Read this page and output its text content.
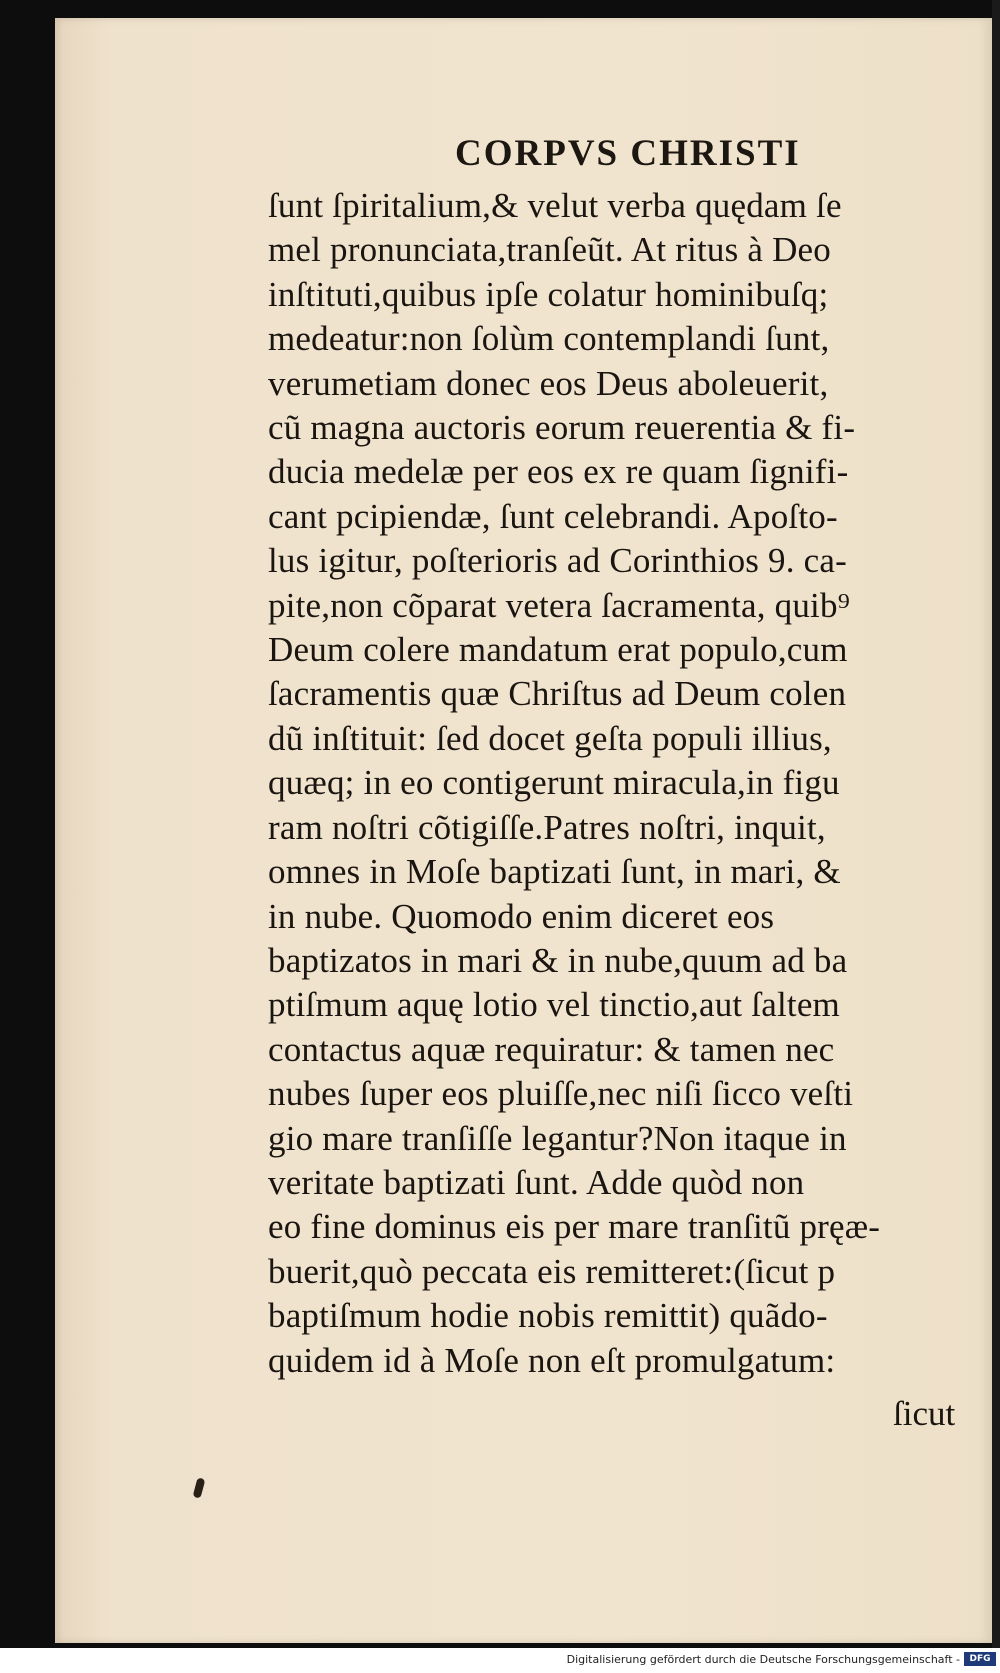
CORPVS CHRISTI
ſunt ſpiritalium,& velut verba quędam ſe
mel pronunciata,tranſeũt. At ritus à Deo
inſtituti,quibus ipſe colatur hominibuſq;
medeatur:non ſolùm contemplandi ſunt,
verumetiam donec eos Deus aboleuerit,
cũ magna auctoris eorum reuerentia & fi-
ducia medelæ per eos ex re quam ſignifi-
cant pcipiendæ, ſunt celebrandi. Apoſto-
lus igitur, poſterioris ad Corinthios 9. ca-
pite,non cõparat vetera ſacramenta, quib⁹
Deum colere mandatum erat populo,cum
ſacramentis quæ Chriſtus ad Deum colen
dũ inſtituit: ſed docet geſta populi illius,
quæq; in eo contigerunt miracula,in figu
ram noſtri cõtigiſſe.Patres noſtri, inquit,
omnes in Moſe baptizati ſunt, in mari, &
in nube. Quomodo enim diceret eos
baptizatos in mari & in nube,quum ad ba
ptiſmum aquę lotio vel tinctio,aut ſaltem
contactus aquæ requiratur: & tamen nec
nubes ſuper eos pluiſſe,nec niſi ſicco veſti
gio mare tranſiſſe legantur?Non itaque in
veritate baptizati ſunt. Adde quòd non
eo fine dominus eis per mare tranſitũ pręæ-
buerit,quò peccata eis remitteret:(ſicut p
baptiſmum hodie nobis remittit) quãdo-
quidem id à Moſe non eſt promulgatum:
ſicut
Digitalisierung gefördert durch die Deutsche Forschungsgemeinschaft -	DFG
